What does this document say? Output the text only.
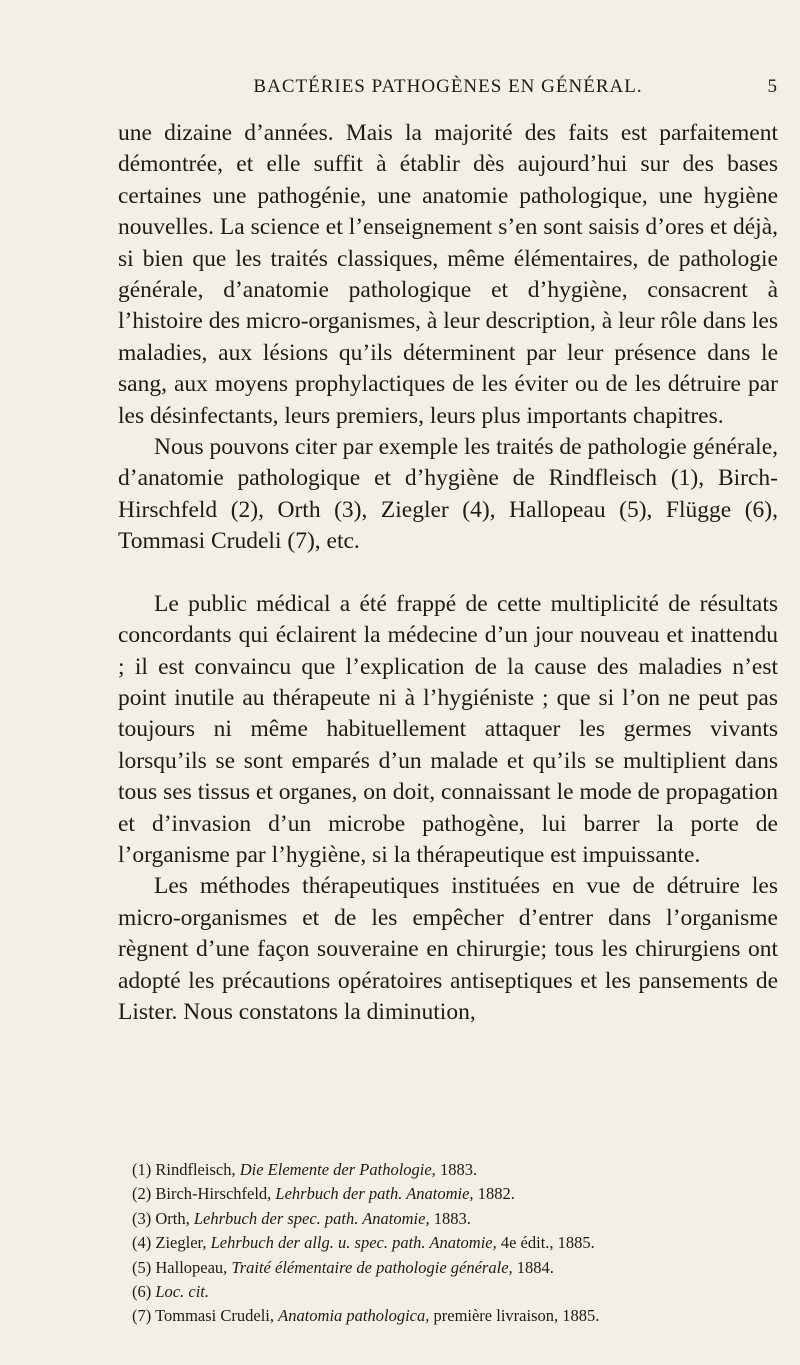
BACTÉRIES PATHOGÈNES EN GÉNÉRAL.	5

une dizaine d’années. Mais la majorité des faits est parfaitement démontrée, et elle suffit à établir dès aujourd’hui sur des bases certaines une pathogénie, une anatomie pathologique, une hygiène nouvelles. La science et l’enseignement s’en sont saisis d’ores et déjà, si bien que les traités classiques, même élémentaires, de pathologie générale, d’anatomie pathologique et d’hygiène, consacrent à l’histoire des micro-organismes, à leur description, à leur rôle dans les maladies, aux lésions qu’ils déterminent par leur présence dans le sang, aux moyens prophylactiques de les éviter ou de les détruire par les désinfectants, leurs premiers, leurs plus importants chapitres.

Nous pouvons citer par exemple les traités de pathologie générale, d’anatomie pathologique et d’hygiène de Rindfleisch (1), Birch-Hirschfeld (2), Orth (3), Ziegler (4), Hallopeau (5), Flügge (6), Tommasi Crudeli (7), etc.

Le public médical a été frappé de cette multiplicité de résultats concordants qui éclairent la médecine d’un jour nouveau et inattendu ; il est convaincu que l’explication de la cause des maladies n’est point inutile au thérapeute ni à l’hygiéniste ; que si l’on ne peut pas toujours ni même habituellement attaquer les germes vivants lorsqu’ils se sont emparés d’un malade et qu’ils se multiplient dans tous ses tissus et organes, on doit, connaissant le mode de propagation et d’invasion d’un microbe pathogène, lui barrer la porte de l’organisme par l’hygiène, si la thérapeutique est impuissante.

Les méthodes thérapeutiques instituées en vue de détruire les micro-organismes et de les empêcher d’entrer dans l’organisme règnent d’une façon souveraine en chirurgie; tous les chirurgiens ont adopté les précautions opératoires antiseptiques et les pansements de Lister. Nous constatons la diminution,

(1) Rindfleisch, Die Elemente der Pathologie, 1883.
(2) Birch-Hirschfeld, Lehrbuch der path. Anatomie, 1882.
(3) Orth, Lehrbuch der spec. path. Anatomie, 1883.
(4) Ziegler, Lehrbuch der allg. u. spec. path. Anatomie, 4e édit., 1885.
(5) Hallopeau, Traité élémentaire de pathologie générale, 1884.
(6) Loc. cit.
(7) Tommasi Crudeli, Anatomia pathologica, première livraison, 1885.
